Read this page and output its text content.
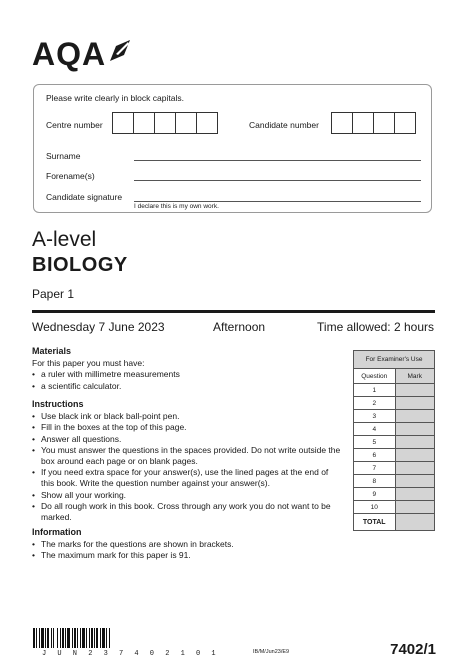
AQA
Please write clearly in block capitals.
Centre number	Candidate number
Surname
Forename(s)
Candidate signature
I declare this is my own work.
A-level
BIOLOGY
Paper 1
Wednesday 7 June 2023	Afternoon	Time allowed: 2 hours
Materials
For this paper you must have:
• a ruler with millimetre measurements
• a scientific calculator.
Instructions
• Use black ink or black ball-point pen.
• Fill in the boxes at the top of this page.
• Answer all questions.
• You must answer the questions in the spaces provided. Do not write outside the box around each page or on blank pages.
• If you need extra space for your answer(s), use the lined pages at the end of this book. Write the question number against your answer(s).
• Show all your working.
• Do all rough work in this book. Cross through any work you do not want to be marked.
Information
• The marks for the questions are shown in brackets.
• The maximum mark for this paper is 91.
For Examiner's Use	
Question	Mark
1	
2	
3	
4	
5	
6	
7	
8	
9	
10	
TOTAL	
J U N 2 3 7 4 0 2 1 0 1	IB/M/Jun23/E9	7402/1
